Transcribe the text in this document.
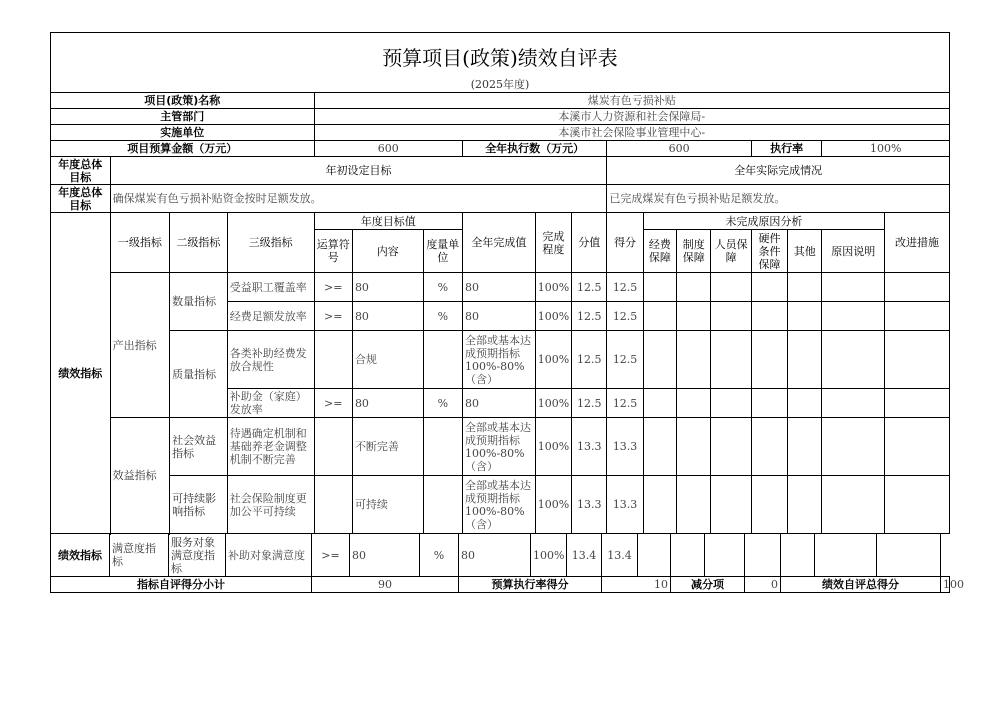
预算项目(政策)绩效自评表																	
(2025年度)																	
项目(政策)名称				煤炭有色亏损补贴													
主管部门				本溪市人力资源和社会保障局-													
实施单位				本溪市社会保险事业管理中心-													
项目预算金额（万元）				600			全年执行数（万元）			600				执行率		100%	
年度总体目标	年初设定目标									全年实际完成情况							
年度总体目标	确保煤炭有色亏损补贴资金按时足额发放。									已完成煤炭有色亏损补贴足额发放。							
绩效指标	一级指标	二级指标	三级指标	年度目标值			全年完成值	完成程度	分值	得分	未完成原因分析						改进措施
				运算符号	内容	度量单位					经费保障	制度保障	人员保障	硬件条件保障	其他	原因说明	

	产出指标	数量指标	受益职工覆盖率	>=	80	%	80	100%	12.5	12.5							
			经费足额发放率	>=	80	%	80	100%	12.5	12.5							

		质量指标	各类补助经费发放合规性		合规		全部或基本达成预期指标100%-80%（含）	100%	12.5	12.5							

			补助金（家庭）发放率	>=	80	%	80	100%	12.5	12.5							

	效益指标	社会效益指标	待遇确定机制和基础养老金调整机制不断完善		不断完善		全部或基本达成预期指标100%-80%（含）	100%	13.3	13.3							

		可持续影响指标	社会保险制度更加公平可持续		可持续		全部或基本达成预期指标100%-80%（含）	100%	13.3	13.3							

绩效指标	满意度指标	服务对象满意度指标	补助对象满意度	>=	80	%	80	100%	13.4	13.4								
指标自评得分小计				90			预算执行率得分			10		减分项		0	绩效自评总得分			100
